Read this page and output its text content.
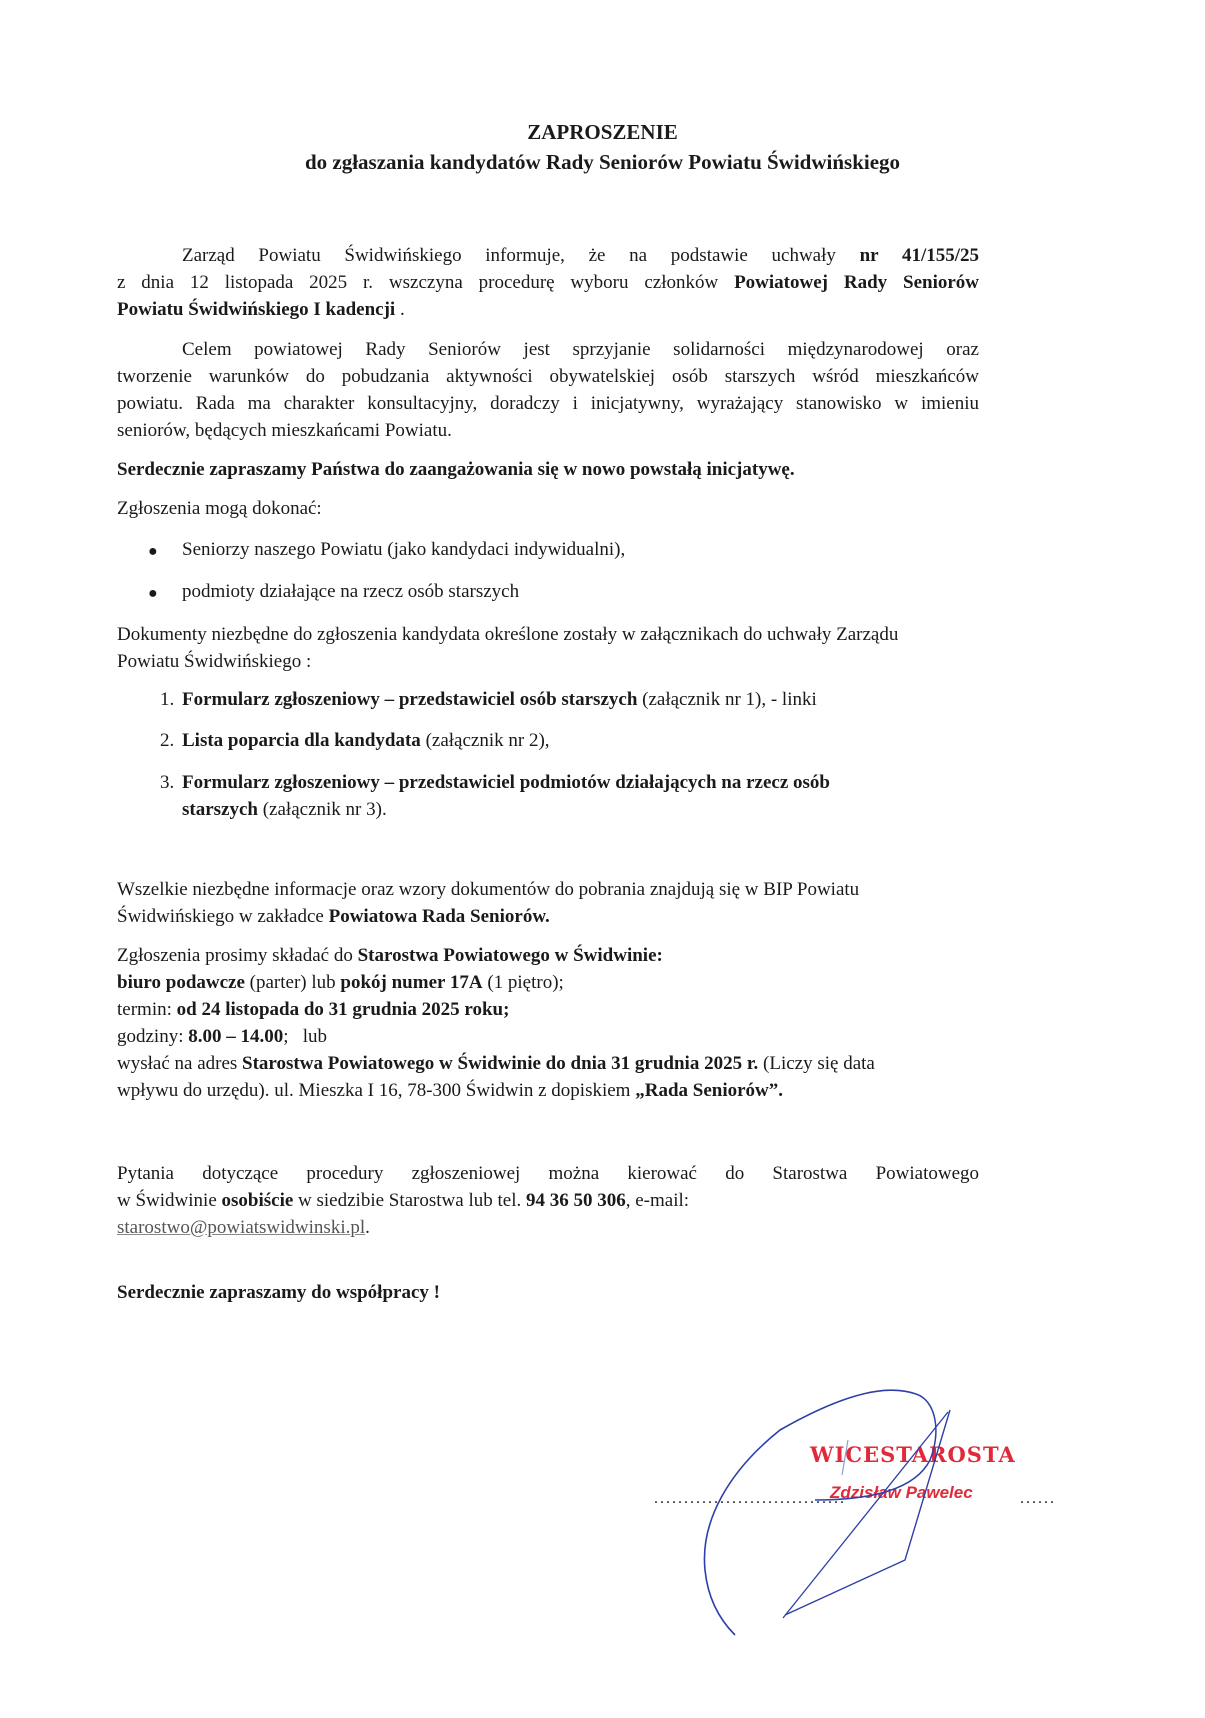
ZAPROSZENIE
do zgłaszania kandydatów Rady Seniorów Powiatu Świdwińskiego
Zarząd Powiatu Świdwińskiego informuje, że na podstawie uchwały nr 41/155/25
z dnia 12 listopada 2025 r. wszczyna procedurę wyboru członków Powiatowej Rady Seniorów
Powiatu Świdwińskiego I kadencji .
Celem powiatowej Rady Seniorów jest sprzyjanie solidarności międzynarodowej oraz
tworzenie warunków do pobudzania aktywności obywatelskiej osób starszych wśród mieszkańców
powiatu. Rada ma charakter konsultacyjny, doradczy i inicjatywny, wyrażający stanowisko w imieniu
seniorów, będących mieszkańcami Powiatu.
Serdecznie zapraszamy Państwa do zaangażowania się w nowo powstałą inicjatywę.
Zgłoszenia mogą dokonać:
● Seniorzy naszego Powiatu (jako kandydaci indywidualni),
● podmioty działające na rzecz osób starszych
Dokumenty niezbędne do zgłoszenia kandydata określone zostały w załącznikach do uchwały Zarządu
Powiatu Świdwińskiego :
1. Formularz zgłoszeniowy – przedstawiciel osób starszych (załącznik nr 1), - linki
2. Lista poparcia dla kandydata (załącznik nr 2),
3. Formularz zgłoszeniowy – przedstawiciel podmiotów działających na rzecz osób
starszych (załącznik nr 3).
Wszelkie niezbędne informacje oraz wzory dokumentów do pobrania znajdują się w BIP Powiatu
Świdwińskiego w zakładce Powiatowa Rada Seniorów.
Zgłoszenia prosimy składać do Starostwa Powiatowego w Świdwinie:
biuro podawcze (parter) lub pokój numer 17A (1 piętro);
termin: od 24 listopada do 31 grudnia 2025 roku;
godziny: 8.00 – 14.00;   lub
wysłać na adres Starostwa Powiatowego w Świdwinie do dnia 31 grudnia 2025 r. (Liczy się data
wpływu do urzędu). ul. Mieszka I 16, 78-300 Świdwin z dopiskiem „Rada Seniorów”.
Pytania dotyczące procedury zgłoszeniowej można kierować do Starostwa Powiatowego
w Świdwinie osobiście w siedzibie Starostwa lub tel. 94 36 50 306, e-mail:
starostwo@powiatswidwinski.pl.
Serdecznie zapraszamy do współpracy !
WICESTAROSTA
................................
Zdzisław Pawelec	......
